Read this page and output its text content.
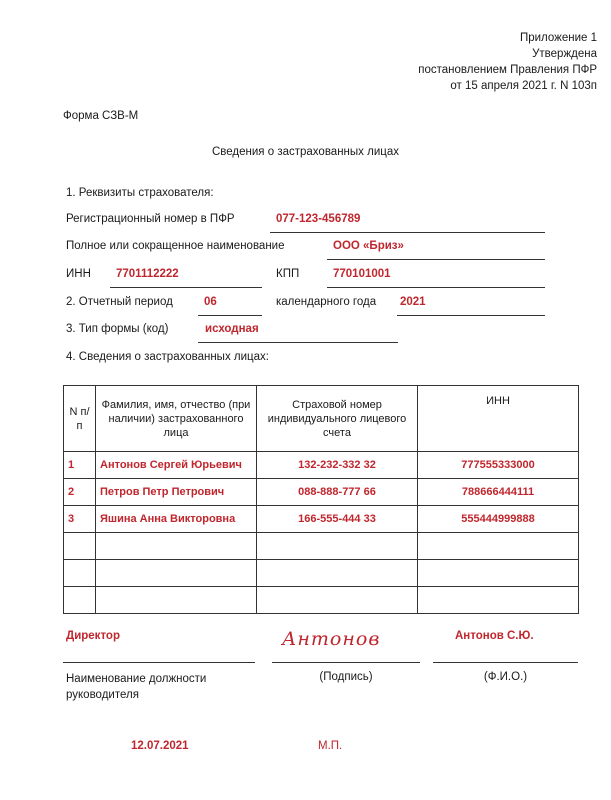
Приложение 1
Утверждена
постановлением Правления ПФР
от 15 апреля 2021 г. N 103п
Форма СЗВ-М
Сведения о застрахованных лицах
1. Реквизиты страхователя:
Регистрационный номер в ПФР	077-123-456789
Полное или сокращенное наименование	ООО «Бриз»
ИНН 7701112222	КПП	770101001
2. Отчетный период	06	календарного года 2021
3. Тип формы (код)	исходная
4. Сведения о застрахованных лицах:
N п/п	Фамилия, имя, отчество (при наличии) застрахованного лица	Страховой номер индивидуального лицевого счета	ИНН
1	Антонов Сергей Юрьевич	132-232-332 32	777555333000
2	Петров Петр Петрович	088-888-777 66	788666444111
3	Яшина Анна Викторовна	166-555-444 33	555444999888

Директор	Антонов	Антонов С.Ю.
Наименование должности руководителя
(Подпись)	(Ф.И.О.)
12.07.2021	М.П.
